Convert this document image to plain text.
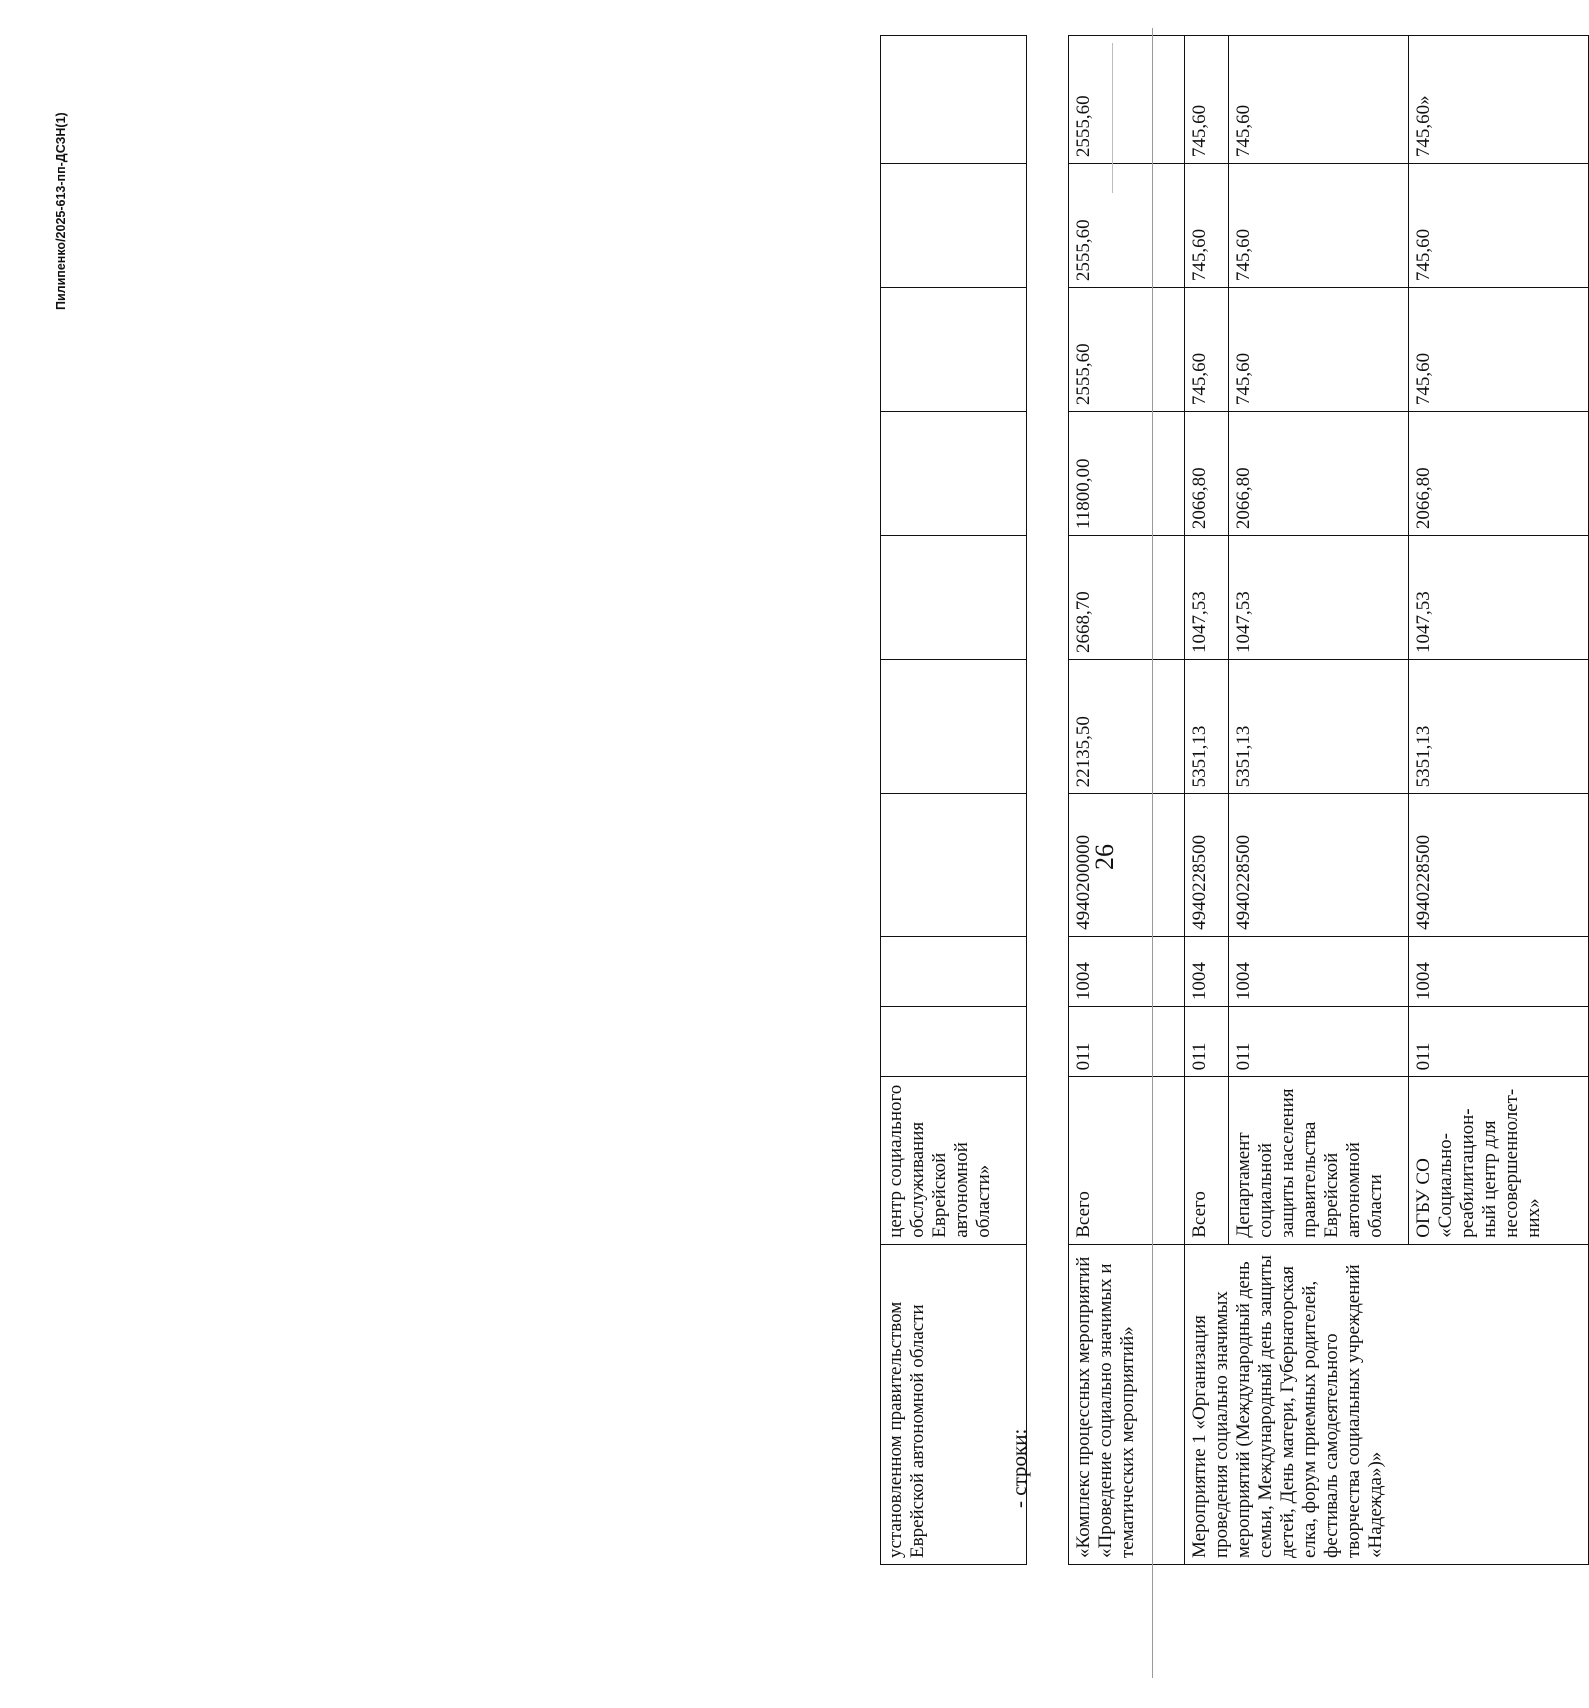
26
установленном правительством Еврейской автономной области	центр социального обслуживания Еврейской автономной области»									
- строки: «Комплекс процессных мероприятий «Проведение социально значимых и тематических мероприятий»	Всего	011	1004	4940200000	22135,50	2668,70	11800,00	2555,60	2555,60	2555,60
Мероприятие 1 «Организация проведения социально значимых мероприятий (Международный день семьи, Международный день защиты детей, День матери, Губернаторская елка, форум приемных родителей, фестиваль самодеятельного творчества социальных учреждений «Надежда»)»	Всего	011	1004	4940228500	5351,13	1047,53	2066,80	745,60	745,60	745,60
	Департамент социальной защиты населения правительства Еврейской автономной области	011	1004	4940228500	5351,13	1047,53	2066,80	745,60	745,60	745,60
	ОГБУ СО «Социально-реабилитацион-ный центр для несовершеннолет-них»	011	1004	4940228500	5351,13	1047,53	2066,80	745,60	745,60	745,60»
Пилипенко/2025-613-пп-ДСЗН(1)
